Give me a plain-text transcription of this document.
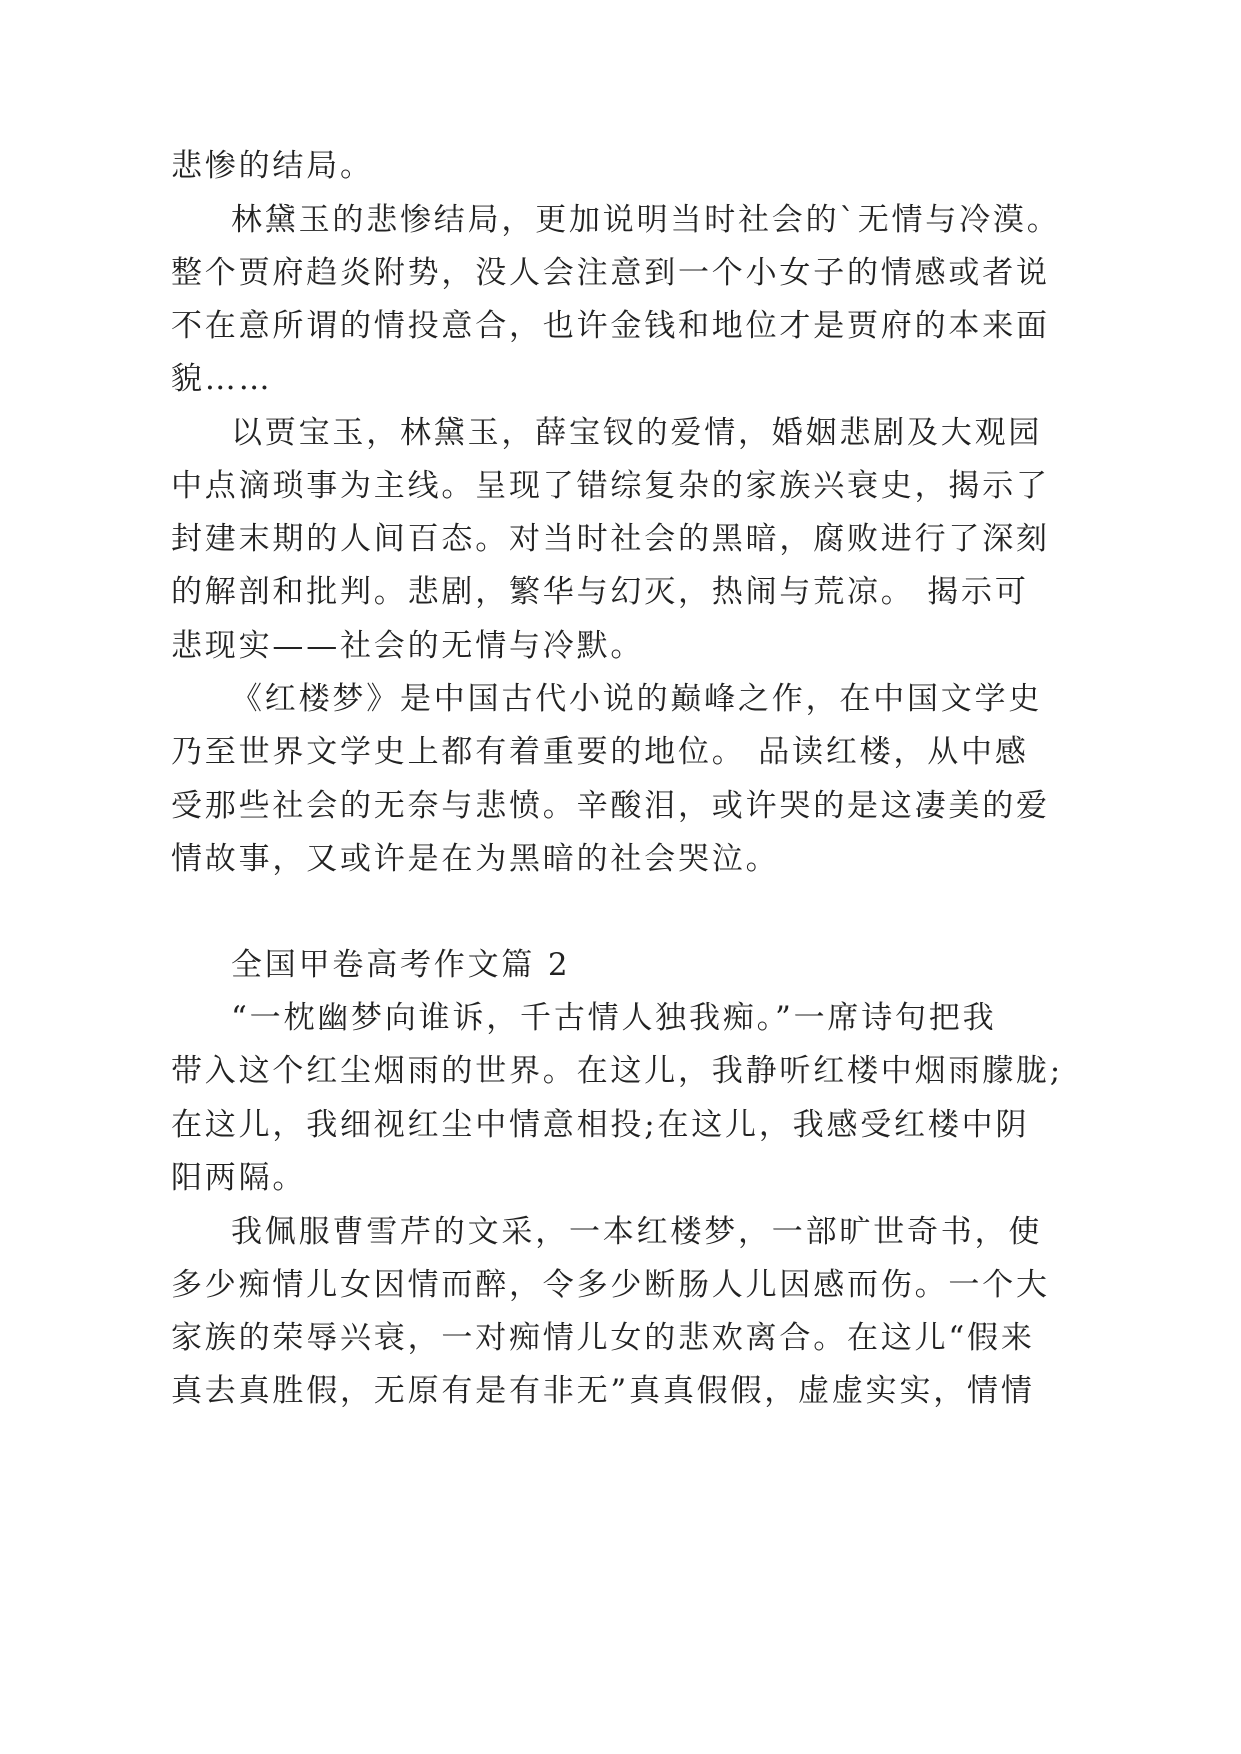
悲惨的结局。
林黛玉的悲惨结局，更加说明当时社会的`无情与冷漠。
整个贾府趋炎附势，没人会注意到一个小女子的情感或者说
不在意所谓的情投意合，也许金钱和地位才是贾府的本来面
貌……
以贾宝玉，林黛玉，薛宝钗的爱情，婚姻悲剧及大观园
中点滴琐事为主线。呈现了错综复杂的家族兴衰史，揭示了
封建末期的人间百态。对当时社会的黑暗，腐败进行了深刻
的解剖和批判。悲剧，繁华与幻灭，热闹与荒凉。 揭示可
悲现实——社会的无情与冷默。
《红楼梦》是中国古代小说的巅峰之作，在中国文学史
乃至世界文学史上都有着重要的地位。 品读红楼，从中感
受那些社会的无奈与悲愤。辛酸泪，或许哭的是这凄美的爱
情故事，又或许是在为黑暗的社会哭泣。
全国甲卷高考作文篇 2
“一枕幽梦向谁诉，千古情人独我痴。”一席诗句把我
带入这个红尘烟雨的世界。在这儿，我静听红楼中烟雨朦胧;
在这儿，我细视红尘中情意相投;在这儿，我感受红楼中阴
阳两隔。
我佩服曹雪芹的文采，一本红楼梦，一部旷世奇书，使
多少痴情儿女因情而醉，令多少断肠人儿因感而伤。一个大
家族的荣辱兴衰，一对痴情儿女的悲欢离合。在这儿“假来
真去真胜假，无原有是有非无”真真假假，虚虚实实，情情
